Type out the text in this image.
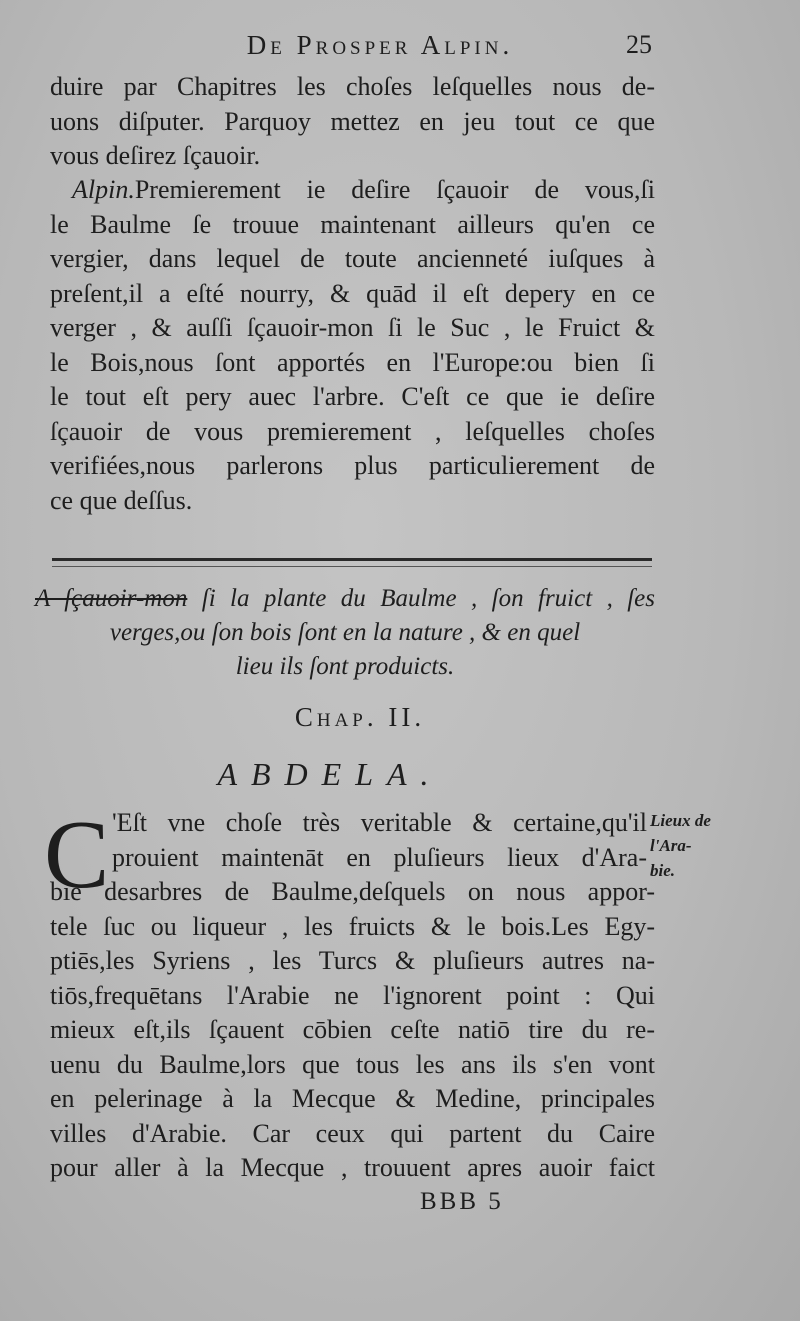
De Prosper Alpin.	25
duire par Chapitres les choſes leſquelles nous de-
uons diſputer. Parquoy mettez en jeu tout ce que
vous deſirez ſçauoir.
Alpin.Premierement ie deſire ſçauoir de vous,ſi
le Baulme ſe trouue maintenant ailleurs qu'en ce
vergier, dans lequel de toute ancienneté iuſques à
preſent,il a eſté nourry, & quād il eſt depery en ce
verger , & auſſi ſçauoir-mon ſi le Suc , le Fruict &
le Bois,nous ſont apportés en l'Europe:ou bien ſi
le tout eſt pery auec l'arbre. C'eſt ce que ie deſire
ſçauoir de vous premierement , leſquelles choſes
verifiées,nous parlerons plus particulierement de
ce que deſſus.
A ſçauoir-mon ſi la plante du Baulme , ſon fruict , ſes
verges,ou ſon bois ſont en la nature , & en quel
lieu ils ſont produicts.
Chap. II.
ABDELA.
C 'Eſt vne choſe très veritable & certaine,qu'il
prouient maintenāt en pluſieurs lieux d'Ara-
bie desarbres de Baulme,deſquels on nous appor-
tele ſuc ou liqueur , les fruicts & le bois.Les Egy-
ptiēs,les Syriens , les Turcs & pluſieurs autres na-
tiōs,frequētans l'Arabie ne l'ignorent point : Qui
mieux eſt,ils ſçauent cōbien ceſte natiō tire du re-
uenu du Baulme,lors que tous les ans ils s'en vont
en pelerinage à la Mecque & Medine, principales
villes d'Arabie. Car ceux qui partent du Caire
pour aller à la Mecque , trouuent apres auoir faict
Lieux de
l'Ara-
bie.
BBB 5
